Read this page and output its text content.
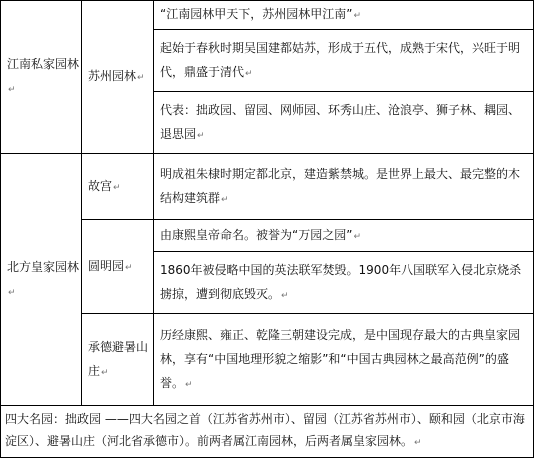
江南私家园林↵	苏州园林↵	“江南园林甲天下，苏州园林甲江南”↵
		起始于春秋时期吴国建都姑苏，形成于五代，成熟于宋代，兴旺于明代，鼎盛于清代↵
		代表：拙政园、留园、网师园、环秀山庄、沧浪亭、狮子林、耦园、退思园↵
北方皇家园林↵	故宫↵	明成祖朱棣时期定都北京，建造紫禁城。是世界上最大、最完整的木结构建筑群↵
	圆明园↵	由康熙皇帝命名。被誉为“万园之园”↵
		1860年被侵略中国的英法联军焚毁。1900年八国联军入侵北京烧杀掳掠，遭到彻底毁灭。↵
	承德避暑山庄↵	历经康熙、雍正、乾隆三朝建设完成，是中国现存最大的古典皇家园林，享有“中国地理形貌之缩影”和“中国古典园林之最高范例”的盛誉。↵
四大名园：拙政园 ——四大名园之首（江苏省苏州市）、留园（江苏省苏州市）、颐和园（北京市海淀区）、避暑山庄（河北省承德市）。前两者属江南园林，后两者属皇家园林。↵		
